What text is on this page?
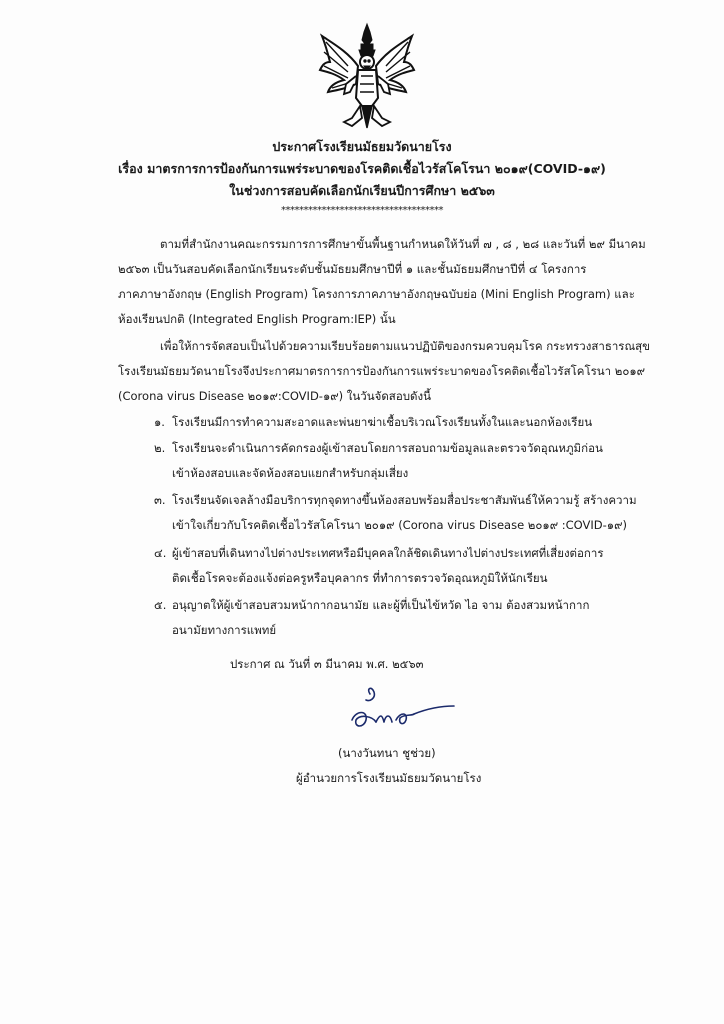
ประกาศโรงเรียนมัธยมวัดนายโรง
เรื่อง มาตรการการป้องกันการแพร่ระบาดของโรคติดเชื้อไวรัสโคโรนา ๒๐๑๙(COVID-๑๙)
ในช่วงการสอบคัดเลือกนักเรียนปีการศึกษา ๒๕๖๓
************************************
ตามที่สำนักงานคณะกรรมการการศึกษาขั้นพื้นฐานกำหนดให้วันที่ ๗ , ๘ , ๒๘ และวันที่ ๒๙ มีนาคม
๒๕๖๓ เป็นวันสอบคัดเลือกนักเรียนระดับชั้นมัธยมศึกษาปีที่ ๑ และชั้นมัธยมศึกษาปีที่ ๔ โครงการ
ภาคภาษาอังกฤษ (English Program) โครงการภาคภาษาอังกฤษฉบับย่อ (Mini English Program) และ
ห้องเรียนปกติ (Integrated English Program:IEP) นั้น
เพื่อให้การจัดสอบเป็นไปด้วยความเรียบร้อยตามแนวปฏิบัติของกรมควบคุมโรค กระทรวงสาธารณสุข
โรงเรียนมัธยมวัดนายโรงจึงประกาศมาตรการการป้องกันการแพร่ระบาดของโรคติดเชื้อไวรัสโคโรนา ๒๐๑๙
(Corona virus Disease ๒๐๑๙:COVID-๑๙) ในวันจัดสอบดังนี้
๑. โรงเรียนมีการทำความสะอาดและพ่นยาฆ่าเชื้อบริเวณโรงเรียนทั้งในและนอกห้องเรียน
๒. โรงเรียนจะดำเนินการคัดกรองผู้เข้าสอบโดยการสอบถามข้อมูลและตรวจวัดอุณหภูมิก่อน
เข้าห้องสอบและจัดห้องสอบแยกสำหรับกลุ่มเสี่ยง
๓. โรงเรียนจัดเจลล้างมือบริการทุกจุดทางขึ้นห้องสอบพร้อมสื่อประชาสัมพันธ์ให้ความรู้ สร้างความ
เข้าใจเกี่ยวกับโรคติดเชื้อไวรัสโคโรนา ๒๐๑๙ (Corona virus Disease ๒๐๑๙ :COVID-๑๙)
๔. ผู้เข้าสอบที่เดินทางไปต่างประเทศหรือมีบุคคลใกล้ชิดเดินทางไปต่างประเทศที่เสี่ยงต่อการ
ติดเชื้อโรคจะต้องแจ้งต่อครูหรือบุคลากร ที่ทำการตรวจวัดอุณหภูมิให้นักเรียน
๕. อนุญาตให้ผู้เข้าสอบสวมหน้ากากอนามัย และผู้ที่เป็นไข้หวัด ไอ จาม ต้องสวมหน้ากาก
อนามัยทางการแพทย์
ประกาศ ณ วันที่ ๓ มีนาคม พ.ศ. ๒๕๖๓
(นางวันทนา ชูช่วย)
ผู้อำนวยการโรงเรียนมัธยมวัดนายโรง
